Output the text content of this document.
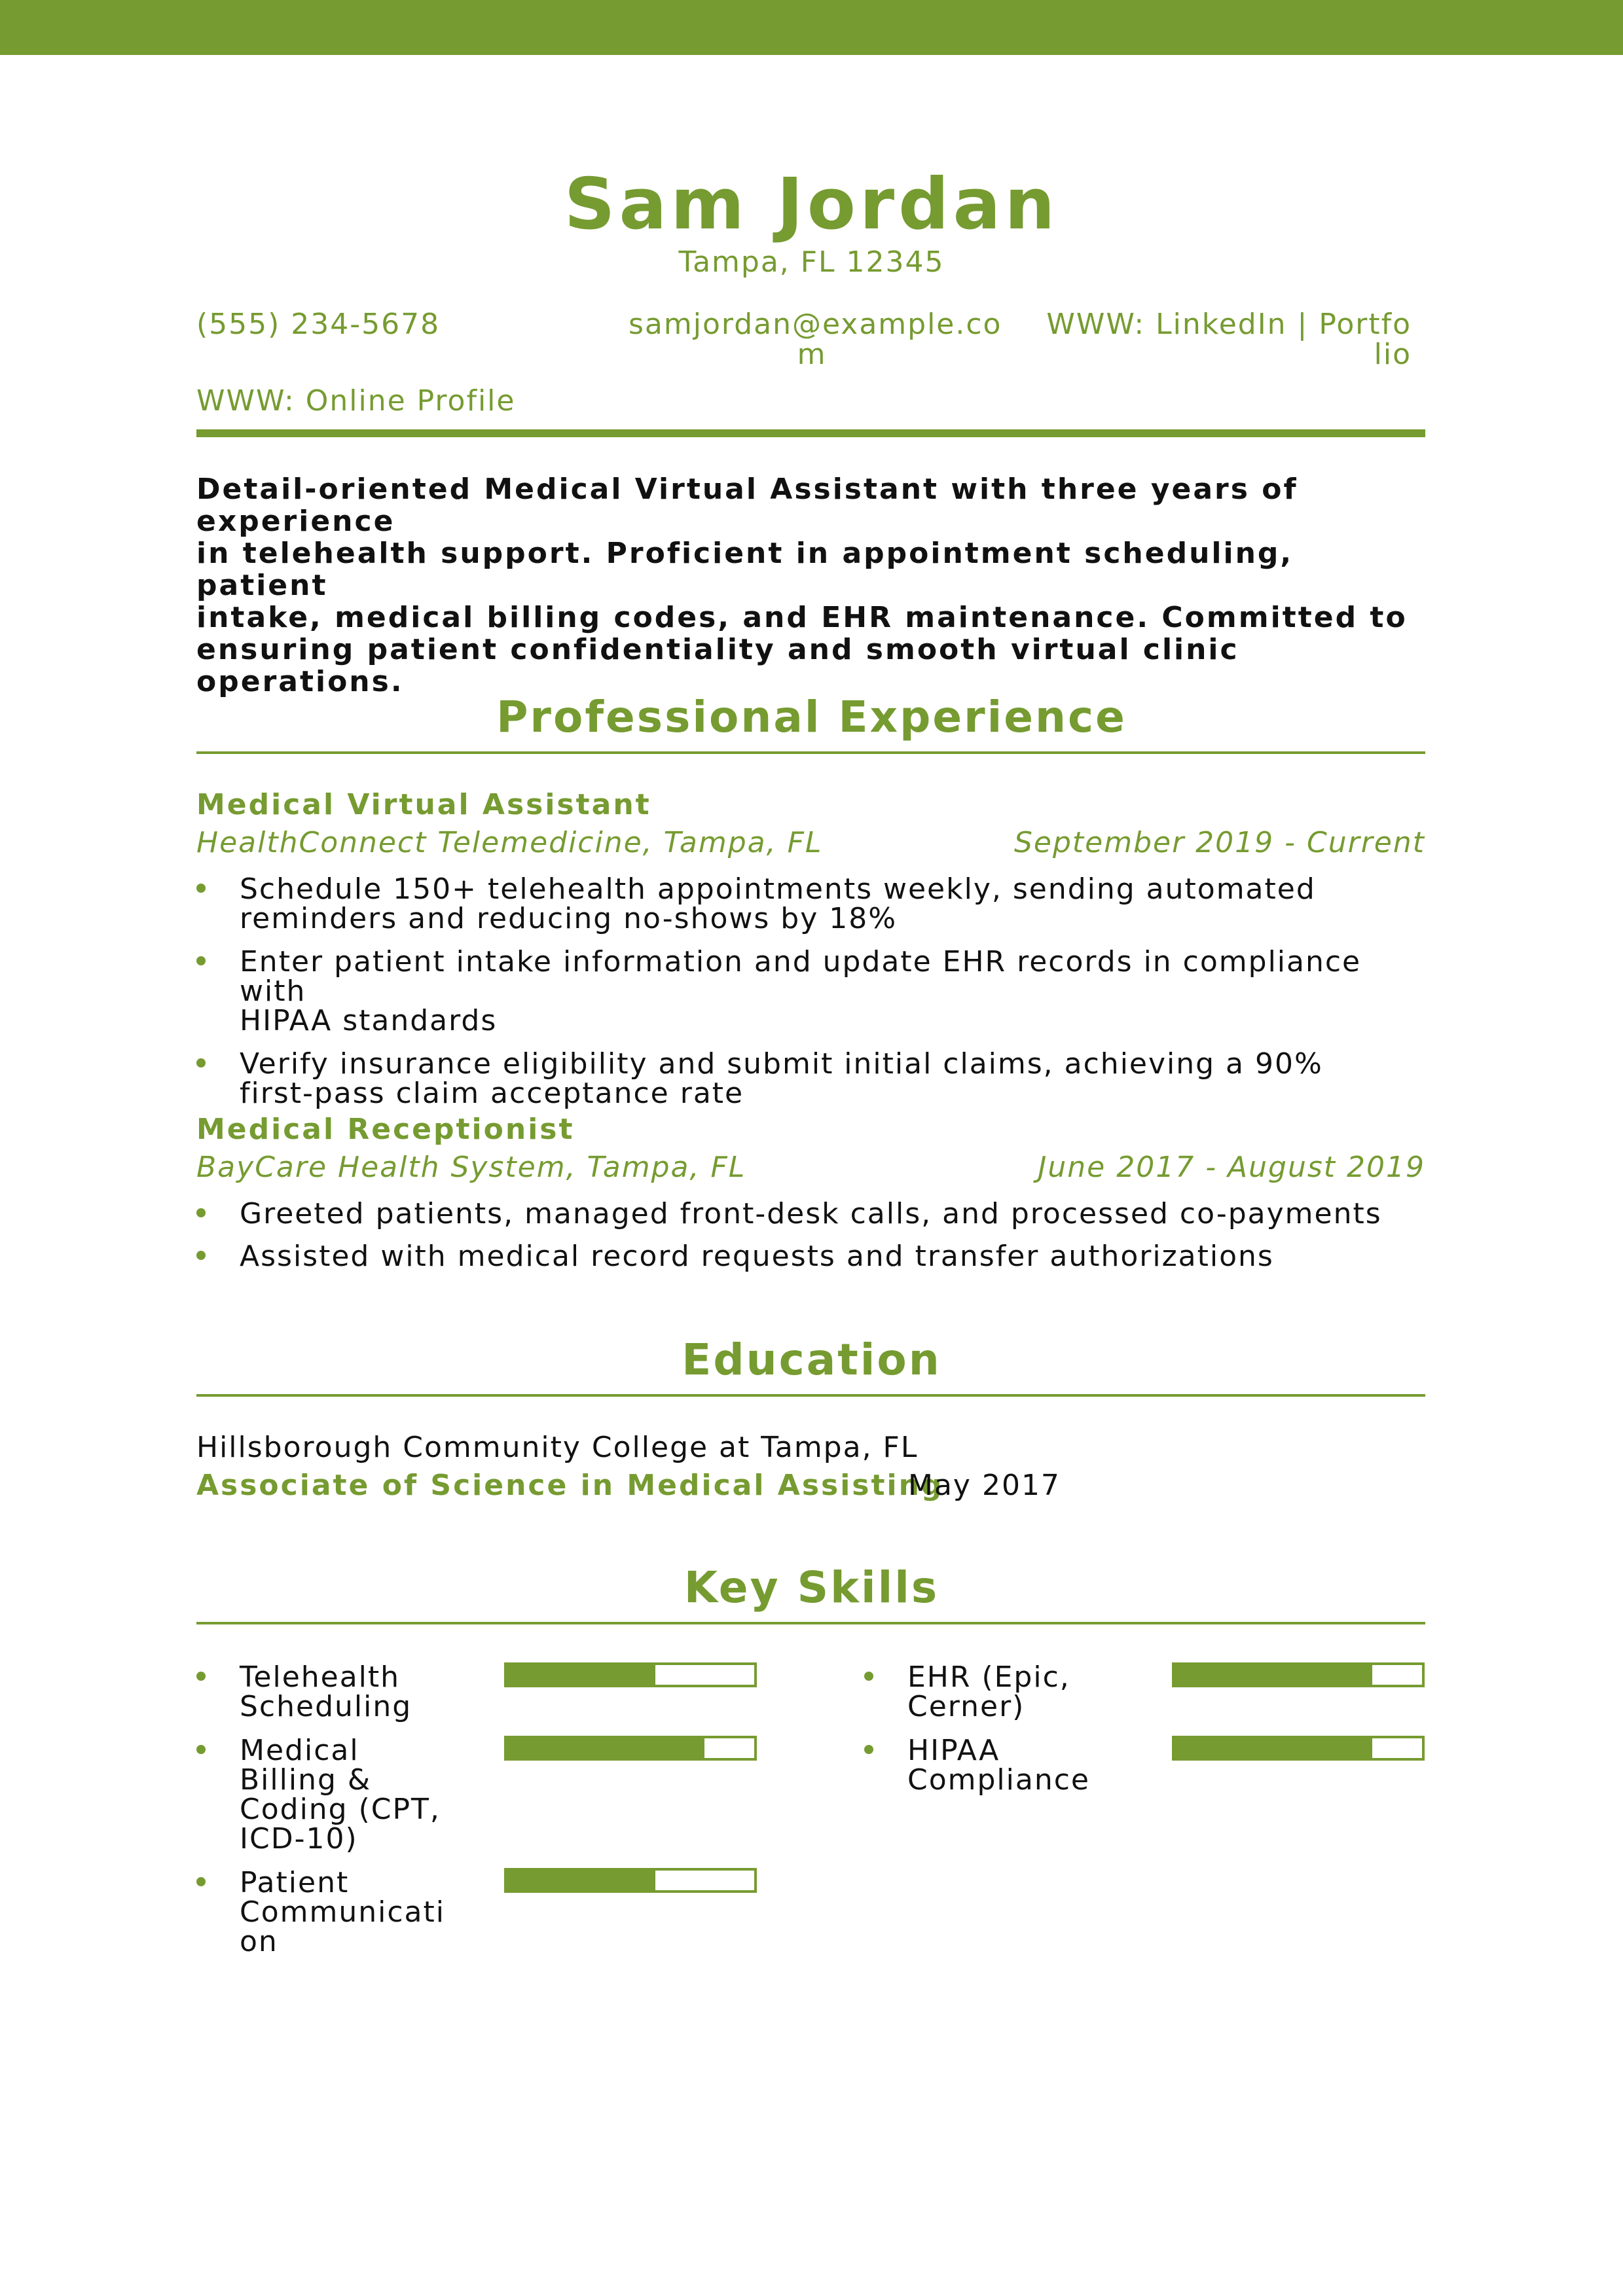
Sam Jordan
Tampa, FL 12345
(555) 234-5678	samjordan@example.co
m
WWW: LinkedIn | Portfo
lio
WWW: Online Profile
Detail-oriented Medical Virtual Assistant with three years of experience
in telehealth support. Proficient in appointment scheduling, patient
intake, medical billing codes, and EHR maintenance. Committed to
ensuring patient confidentiality and smooth virtual clinic operations.
Professional Experience
Medical Virtual Assistant
HealthConnect Telemedicine, Tampa, FL	September 2019 - Current
Schedule 150+ telehealth appointments weekly, sending automated
reminders and reducing no-shows by 18%
Enter patient intake information and update EHR records in compliance with
HIPAA standards
Verify insurance eligibility and submit initial claims, achieving a 90%
first-pass claim acceptance rate
Medical Receptionist
BayCare Health System, Tampa, FL	June 2017 - August 2019
Greeted patients, managed front-desk calls, and processed co-payments
Assisted with medical record requests and transfer authorizations
Education
Hillsborough Community College at Tampa, FL
Associate of Science in Medical Assisting
May 2017
Key Skills
Telehealth
Scheduling
Medical
Billing &
Coding (CPT,
ICD-10)
Patient
Communicati
on
EHR (Epic,
Cerner)
HIPAA
Compliance
